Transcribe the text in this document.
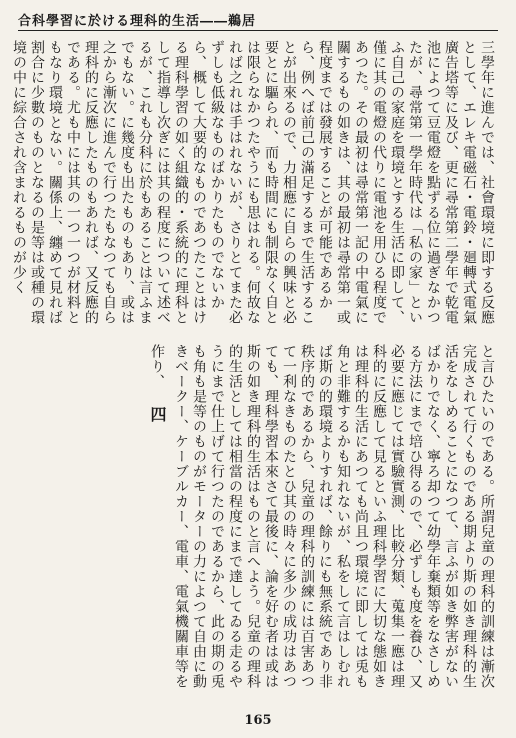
合科學習に於ける理科的生活――鵜居
三學年に進んでは、社會環境に即する反應として、エレキ電磁石・電鈴・廻轉式電氣廣告塔等に及び、更に尋常第二學年で乾電池によつて豆電燈を點ずる位に過ぎなかつたが、尋常第一學年時代は「私の家」といふ自己の家庭を環境とする生活に即して、僅に其の電燈の代りに電池を用ひる程度であつた。その最初は尋常第一記の中電氣に關するもの如きは、其の最初は尋常第一或程度までは發展することが可能であるから、例へば前己の滿足するまで生活することが出來るので、力相應に自らの興味と必要とに驅られ、而も時間にも制限なく自とは限らなかつたやうにも思はれる。何故なれば之れは手はれないが、さりとてまた必ずしも低級なものばかりたものでないから、概して大要的なものであつたことはける理科學習の如く組織的・系統的に理科として指導し次ぎには其の程度について述べるが、これも分科に於もあることは言ふまでもない。に幾度も出たものもあり、或は之から漸次に進んで行つたもなつても自ら理科的に反應したものもあれば、又反應的である。尤も中には其の一つ一つが材料ともなり環境とない。關係上、纏めて見れば割合に少數のものとなるの是等は或種の環境の中に綜合され含まれるものが少く
と言ひたいのである。所謂兒童の理科的訓練は漸次完成されて行くものである期より斯の如き理科的生活をなしめることになつて、言ふが如き弊害がないばかりでなく、寧ろ却つて幼學年棄類等をなさしめる方法にまで培ひ得るので、必ずしも度を養ひ、又必要に應じては實驗實測、比較分類、蒐集一應は理科的に反應して見るといふ理科學習に大切な態如きは理科的生活にあつても尚且つ環境に即しては兎も角と非難するかも知れないが、私をして言はしむれば斯の的環境よりすれば、餘りにも無系統であり非秩序的であるから、兒童の理科的訓練には百害あつて一利なきものたとひ其の時々に多少の成功はあつても、理科學習本來さて最後に、論を好む者は或は斯の如き理科的生活はものと言へよう。兒童の理科的生活としては相當の程度にまで達してゐる走るやうにまで仕上げて行つたのであるから、此の期の兎も角も是等のものがモーターの力によつて自由に動きベークー、ケーブルカー、電車、電氣機關車等を作り、 四
165
